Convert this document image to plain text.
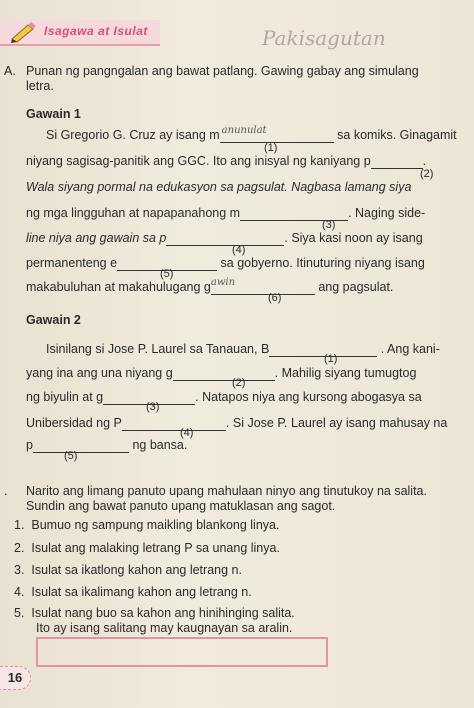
Isagawa at Isulat	Pakisagutan
A. Punan ng pangngalan ang bawat patlang. Gawing gabay ang simulang
letra.
Gawain 1
Si Gregorio G. Cruz ay isang m anunulat	sa komiks. Ginagamit
(1)
niyang sagisag-panitik ang GGC. Ito ang inisyal ng kaniyang p	.
(2)
Wala siyang pormal na edukasyon sa pagsulat. Nagbasa lamang siya
ng mga lingguhan at napapanahong m	. Naging side-
(3)
line niya ang gawain sa p	. Siya kasi noon ay isang
(4)
permanenteng e	sa gobyerno. Itinuturing niyang isang
(5)
makabuluhan at makahulugang g awin	ang pagsulat.
(6)
Gawain 2
Isinilang si Jose P. Laurel sa Tanauan, B	. Ang kani-
(1)
yang ina ang una niyang g	. Mahilig siyang tumugtog
(2)
ng biyulin at g	. Natapos niya ang kursong abogasya sa
(3)
Unibersidad ng P	. Si Jose P. Laurel ay isang mahusay na
(4)
p	ng bansa.
(5)
. Narito ang limang panuto upang mahulaan ninyo ang tinutukoy na salita.
Sundin ang bawat panuto upang matuklasan ang sagot.
1. Bumuo ng sampung maikling blankong linya.
2. Isulat ang malaking letrang P sa unang linya.
3. Isulat sa ikatlong kahon ang letrang n.
4. Isulat sa ikalimang kahon ang letrang n.
5. Isulat nang buo sa kahon ang hinihinging salita.
Ito ay isang salitang may kaugnayan sa aralin.
16
